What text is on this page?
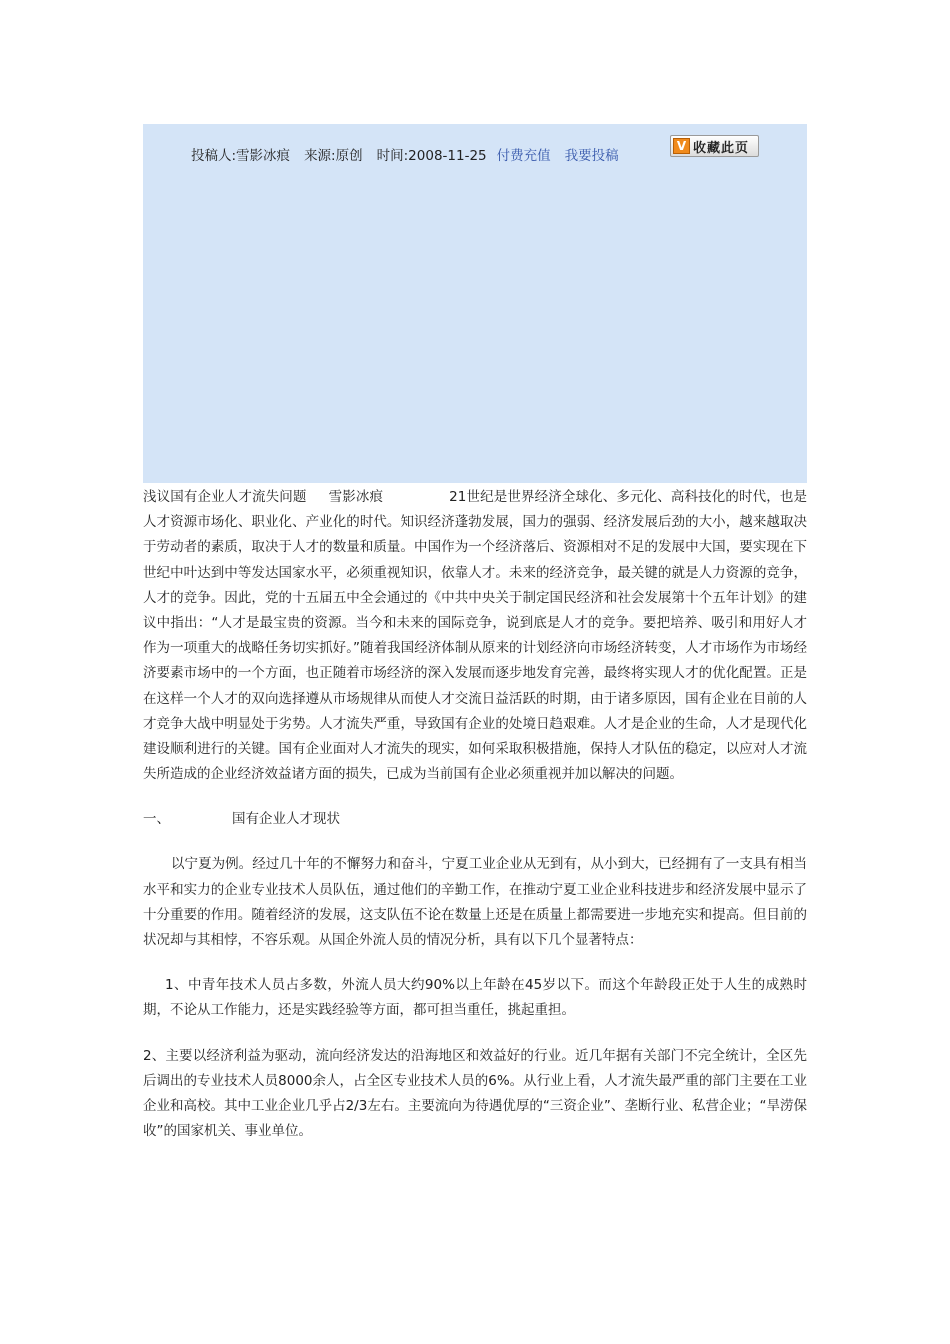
投稿人:雪影冰痕 来源:原创 时间:2008-11-25 付费充值 我要投稿
V 收藏此页

浅议国有企业人才流失问题 雪影冰痕	21世纪是世界经济全球化、多元化、高科技化的时代，也是人才资源市场化、职业化、产业化的时代。知识经济蓬勃发展，国力的强弱、经济发展后劲的大小，越来越取决于劳动者的素质，取决于人才的数量和质量。中国作为一个经济落后、资源相对不足的发展中大国，要实现在下世纪中叶达到中等发达国家水平，必须重视知识，依靠人才。未来的经济竞争，最关键的就是人力资源的竞争，人才的竞争。因此，党的十五届五中全会通过的《中共中央关于制定国民经济和社会发展第十个五年计划》的建议中指出：“人才是最宝贵的资源。当今和未来的国际竞争，说到底是人才的竞争。要把培养、吸引和用好人才作为一项重大的战略任务切实抓好。”随着我国经济体制从原来的计划经济向市场经济转变，人才市场作为市场经济要素市场中的一个方面，也正随着市场经济的深入发展而逐步地发育完善，最终将实现人才的优化配置。正是在这样一个人才的双向选择遵从市场规律从而使人才交流日益活跃的时期，由于诸多原因，国有企业在目前的人才竞争大战中明显处于劣势。人才流失严重，导致国有企业的处境日趋艰难。人才是企业的生命，人才是现代化建设顺利进行的关键。国有企业面对人才流失的现实，如何采取积极措施，保持人才队伍的稳定，以应对人才流失所造成的企业经济效益诸方面的损失，已成为当前国有企业必须重视并加以解决的问题。

一、	国有企业人才现状

以宁夏为例。经过几十年的不懈努力和奋斗，宁夏工业企业从无到有，从小到大，已经拥有了一支具有相当水平和实力的企业专业技术人员队伍，通过他们的辛勤工作，在推动宁夏工业企业科技进步和经济发展中显示了十分重要的作用。随着经济的发展，这支队伍不论在数量上还是在质量上都需要进一步地充实和提高。但目前的状况却与其相悖，不容乐观。从国企外流人员的情况分析，具有以下几个显著特点：

1、中青年技术人员占多数，外流人员大约90%以上年龄在45岁以下。而这个年龄段正处于人生的成熟时期，不论从工作能力，还是实践经验等方面，都可担当重任，挑起重担。

2、主要以经济利益为驱动，流向经济发达的沿海地区和效益好的行业。近几年据有关部门不完全统计，全区先后调出的专业技术人员8000余人，占全区专业技术人员的6%。从行业上看，人才流失最严重的部门主要在工业企业和高校。其中工业企业几乎占2/3左右。主要流向为待遇优厚的“三资企业”、垄断行业、私营企业；“旱涝保收”的国家机关、事业单位。
